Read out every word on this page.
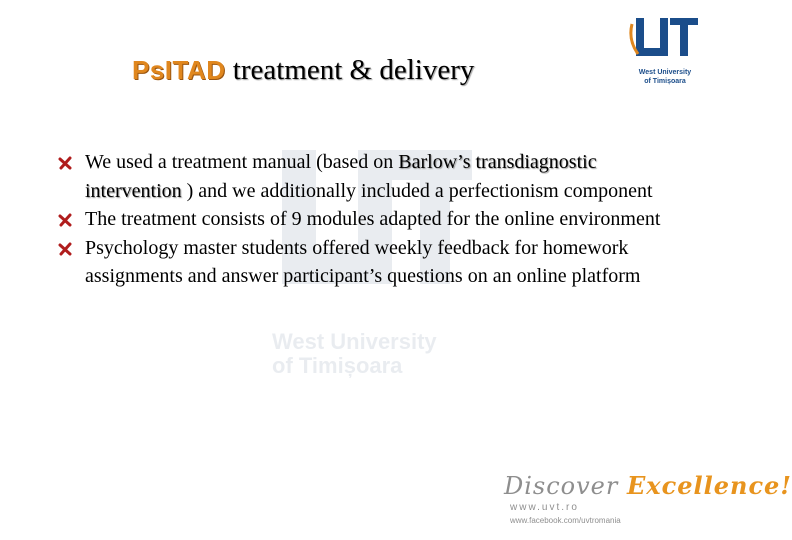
West University
of Timișoara
West University
of Timișoara
PsITAD treatment & delivery
We used a treatment manual (based on Barlow’s transdiagnostic intervention ) and we additionally included a perfectionism component
The treatment consists of 9 modules adapted for the online environment
Psychology master students offered weekly feedback for homework assignments and answer participant’s questions on an online platform
Discover Excellence!
www.uvt.ro
www.facebook.com/uvtromania
